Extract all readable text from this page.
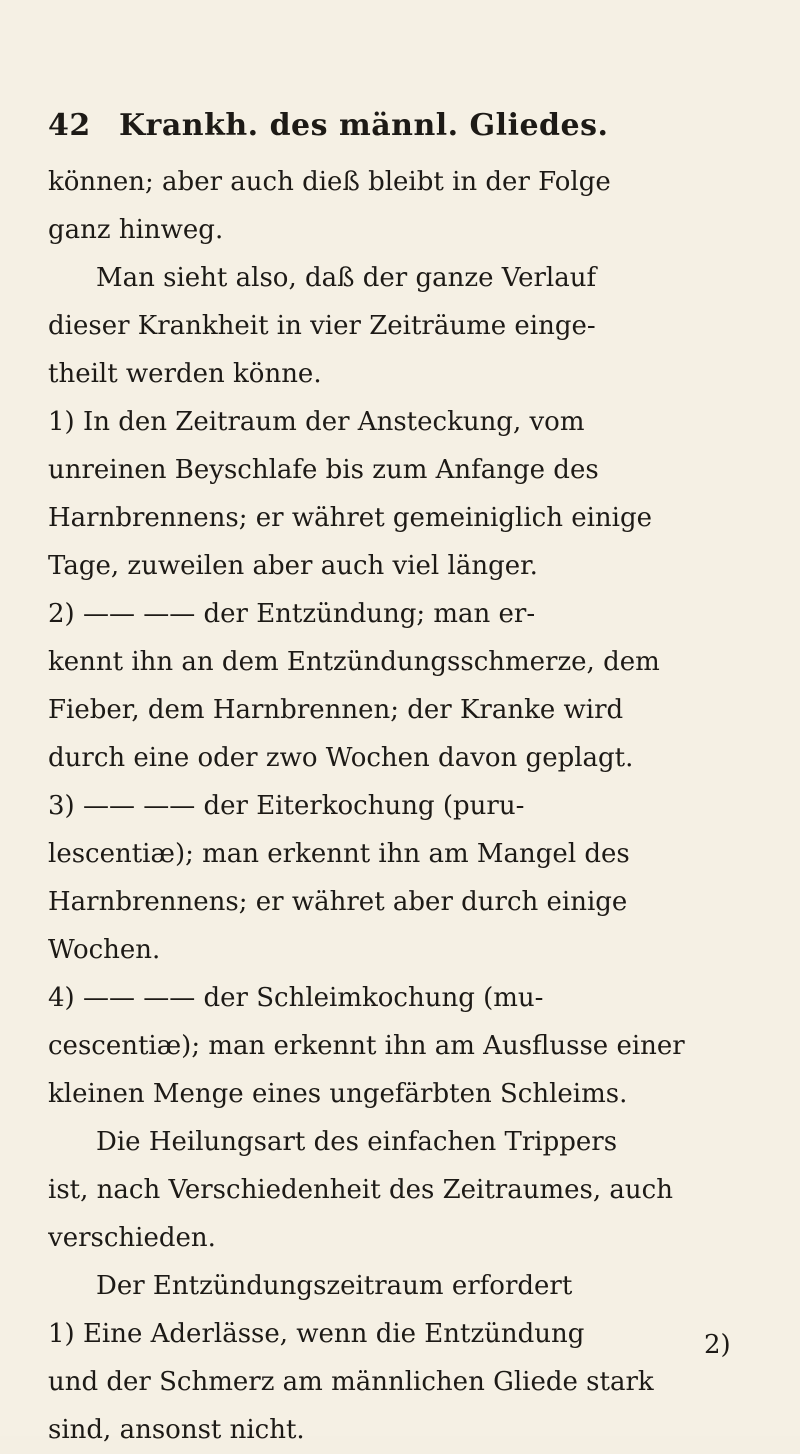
42 Krankh. des männl. Gliedes.
können; aber auch dieß bleibt in der Folge
ganz hinweg.
Man sieht also, daß der ganze Verlauf
dieser Krankheit in vier Zeiträume einge-
theilt werden könne.
1) In den Zeitraum der Ansteckung, vom
unreinen Beyschlafe bis zum Anfange des
Harnbrennens; er währet gemeiniglich einige
Tage, zuweilen aber auch viel länger.
2) —— —— der Entzündung; man er-
kennt ihn an dem Entzündungsschmerze, dem
Fieber, dem Harnbrennen; der Kranke wird
durch eine oder zwo Wochen davon geplagt.
3) —— —— der Eiterkochung (puru-
lescentiæ); man erkennt ihn am Mangel des
Harnbrennens; er währet aber durch einige
Wochen.
4) —— —— der Schleimkochung (mu-
cescentiæ); man erkennt ihn am Ausflusse einer
kleinen Menge eines ungefärbten Schleims.
Die Heilungsart des einfachen Trippers
ist, nach Verschiedenheit des Zeitraumes, auch
verschieden.
Der Entzündungszeitraum erfordert
1) Eine Aderlässe, wenn die Entzündung
und der Schmerz am männlichen Gliede stark
sind, ansonst nicht.
2)
